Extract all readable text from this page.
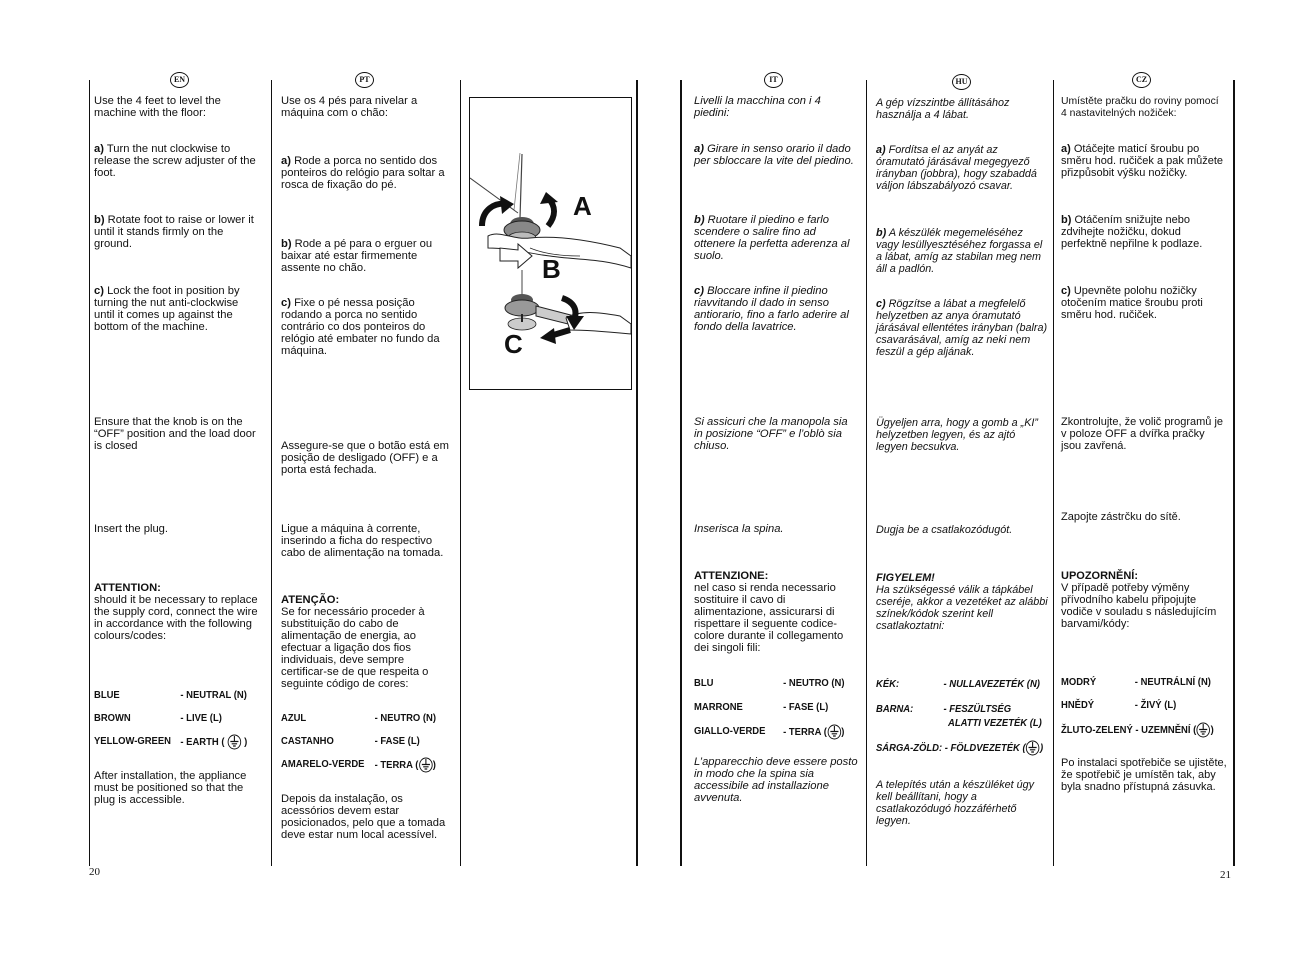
EN	PT	IT	HU	CZ
Use the 4 feet to level the machine with the floor:
a) Turn the nut clockwise to release the screw adjuster of the foot.
b) Rotate foot to raise or lower it until it stands firmly on the ground.
c) Lock the foot in position by turning the nut anti-clockwise until it comes up against the bottom of the machine.
Ensure that the knob is on the “OFF” position and the load door is closed
Insert the plug.
ATTENTION:
should it be necessary to replace the supply cord, connect the wire in accordance with the following colours/codes:
BLUE	- NEUTRAL (N)
BROWN	- LIVE (L)
YELLOW-GREEN - EARTH ( )
After installation, the appliance must be positioned so that the plug is accessible.
Use os 4 pés para nivelar a máquina com o chão:
a) Rode a porca no sentido dos ponteiros do relógio para soltar a rosca de fixação do pé.
b) Rode a pé para o erguer ou baixar até estar firmemente assente no chão.
c) Fixe o pé nessa posição rodando a porca no sentido contrário co dos ponteiros do relógio até embater no fundo da máquina.
Assegure-se que o botão está em posição de desligado (OFF) e a porta está fechada.
Ligue a máquina à corrente, inserindo a ficha do respectivo cabo de alimentação na tomada.
ATENÇÃO:
Se for necessário proceder à substituição do cabo de alimentação de energia, ao efectuar a ligação dos fios individuais, deve sempre certificar-se de que respeita o seguinte código de cores:
AZUL	- NEUTRO (N)
CASTANHO	- FASE (L)
AMARELO-VERDE - TERRA ( )
Depois da instalação, os acessórios devem estar posicionados, pelo que a tomada deve estar num local acessível.
A
B
C
Livelli la macchina con i 4 piedini:
a) Girare in senso orario il dado per sbloccare la vite del piedino.
b) Ruotare il piedino e farlo scendere o salire fino ad ottenere la perfetta aderenza al suolo.
c) Bloccare infine il piedino riavvitando il dado in senso antiorario, fino a farlo aderire al fondo della lavatrice.
Si assicuri che la manopola sia in posizione “OFF” e l’oblò sia chiuso.
Inserisca la spina.
ATTENZIONE:
nel caso si renda necessario sostituire il cavo di alimentazione, assicurarsi di rispettare il seguente codice-colore durante il collegamento dei singoli fili:
BLU	- NEUTRO (N)
MARRONE	- FASE (L)
GIALLO-VERDE - TERRA ( )
L’apparecchio deve essere posto in modo che la spina sia accessibile ad installazione avvenuta.
A gép vízszintbe állításához használja a 4 lábat.
a) Fordítsa el az anyát az óramutató járásával megegyező irányban (jobbra), hogy szabaddá váljon lábszabályozó csavar.
b) A készülék megemeléséhez vagy lesüllyesztéséhez forgassa el a lábat, amíg az stabilan meg nem áll a padlón.
c) Rögzítse a lábat a megfelelő helyzetben az anya óramutató járásával ellentétes irányban (balra) csavarásával, amíg az neki nem feszül a gép aljának.
Ügyeljen arra, hogy a gomb a „KI” helyzetben legyen, és az ajtó legyen becsukva.
Dugja be a csatlakozódugót.
FIGYELEM!
Ha szükségessé válik a tápkábel cseréje, akkor a vezetéket az alábbi színek/kódok szerint kell csatlakoztatni:
KÉK:	- NULLAVEZETÉK (N)
BARNA:	- FESZÜLTSÉG
ALATTI VEZETÉK (L)
SÁRGA-ZÖLD: - FÖLDVEZETÉK ( )
A telepítés után a készüléket úgy kell beállítani, hogy a csatlakozódugó hozzáférhető legyen.
Umístěte pračku do roviny pomocí 4 nastavitelných nožiček:
a) Otáčejte maticí šroubu po směru hod. ručiček a pak můžete přizpůsobit výšku nožičky.
b) Otáčením snižujte nebo zdvihejte nožičku, dokud perfektně nepřilne k podlaze.
c) Upevněte polohu nožičky otočením matice šroubu proti směru hod. ručiček.
Zkontrolujte, že volič programů je v poloze OFF a dvířka pračky jsou zavřená.
Zapojte zástrčku do sítě.
UPOZORNĚNÍ:
V případě potřeby výměny přívodního kabelu připojujte vodiče v souladu s následujícím barvami/kódy:
MODRÝ	- NEUTRÁLNÍ (N)
HNĚDÝ	- ŽIVÝ (L)
ŽLUTO-ZELENÝ - UZEMNĚNÍ ( )
Po instalaci spotřebiče se ujistěte, že spotřebič je umístěn tak, aby byla snadno přístupná zásuvka.
20	21
